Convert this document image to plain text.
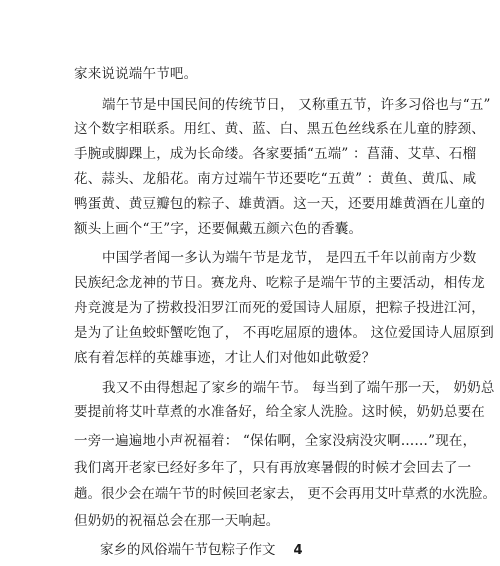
家来说说端午节吧。
端午节是中国民间的传统节日， 又称重五节，许多习俗也与“五”
这个数字相联系。用红、黄、蓝、白、黑五色丝线系在儿童的脖颈、
手腕或脚踝上，成为长命缕。各家要插“五端” ：菖蒲、艾草、石榴
花、蒜头、龙船花。南方过端午节还要吃“五黄” ：黄鱼、黄瓜、咸
鸭蛋黄、黄豆瓣包的粽子、雄黄酒。这一天，还要用雄黄酒在儿童的
额头上画个“王”字，还要佩戴五颜六色的香囊。
中国学者闻一多认为端午节是龙节， 是四五千年以前南方少数
民族纪念龙神的节日。赛龙舟、吃粽子是端午节的主要活动，相传龙
舟竞渡是为了捞救投汨罗江而死的爱国诗人屈原，把粽子投进江河，
是为了让鱼蛟虾蟹吃饱了， 不再吃屈原的遗体。 这位爱国诗人屈原到
底有着怎样的英雄事迹，才让人们对他如此敬爱？
我又不由得想起了家乡的端午节。 每当到了端午那一天， 奶奶总
要提前将艾叶草煮的水准备好，给全家人洗脸。这时候，奶奶总要在
一旁一遍遍地小声祝福着： “保佑啊，全家没病没灾啊……”现在，
我们离开老家已经好多年了，只有再放寒暑假的时候才会回去了一
趟。很少会在端午节的时候回老家去， 更不会再用艾叶草煮的水洗脸。
但奶奶的祝福总会在那一天响起。
家乡的风俗端午节包粽子作文 4
